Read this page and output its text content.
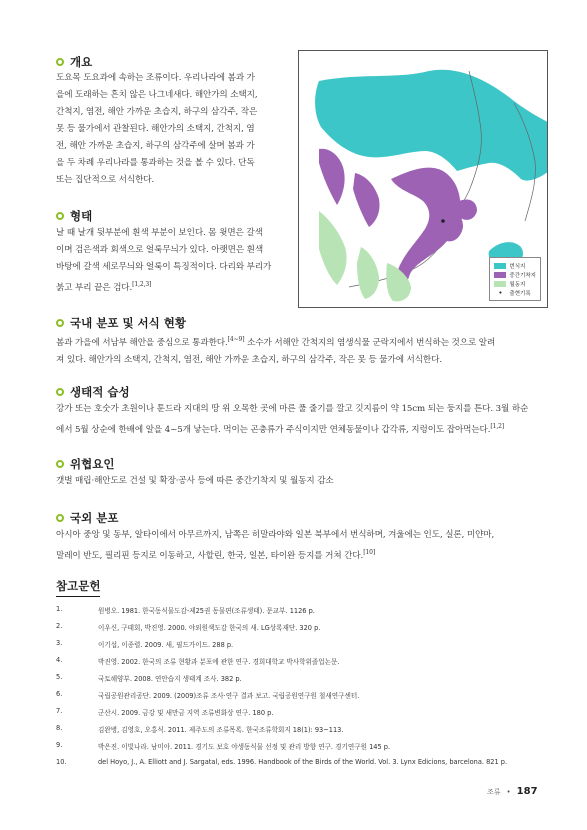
개요
도요목 도요과에 속하는 조류이다. 우리나라에 봄과 가
을에 도래하는 흔치 않은 나그네새다. 해안가의 소택지,
간척지, 염전, 해안 가까운 초습지, 하구의 삼각주, 작은
못 등 물가에서 관찰된다. 해안가의 소택지, 간척지, 염
전, 해안 가까운 초습지, 하구의 삼각주에 살며 봄과 가
을 두 차례 우리나라를 통과하는 것을 볼 수 있다. 단독
또는 집단적으로 서식한다.
형태
날 때 날개 뒷부분에 흰색 부분이 보인다. 몸 윗면은 갈색
이며 검은색과 회색으로 얼룩무늬가 있다. 아랫면은 흰색
바탕에 갈색 세로무늬와 얼룩이 특징적이다. 다리와 부리가
붉고 부리 끝은 검다.[1,2,3]
번식지
중간기착지
월동지
•	출현기록
국내 분포 및 서식 현황
봄과 가을에 서남부 해안을 중심으로 통과한다.[4~9] 소수가 서해안 간척지의 염생식물 군락지에서 번식하는 것으로 알려
져 있다. 해안가의 소택지, 간척지, 염전, 해안 가까운 초습지, 하구의 삼각주, 작은 못 등 물가에 서식한다.
생태적 습성
강가 또는 호숫가 초원이나 툰드라 지대의 땅 위 오목한 곳에 마른 풀 줄기를 깔고 깃지름이 약 15cm 되는 둥지를 튼다. 3월 하순
에서 5월 상순에 한배에 알을 4~5개 낳는다. 먹이는 곤충류가 주식이지만 연체동물이나 갑각류, 지렁이도 잡아먹는다.[1,2]
위협요인
갯벌 매립·해안도로 건설 및 확장·공사 등에 따른 중간기착지 및 월동지 감소
국외 분포
아시아 중앙 및 동부, 알타이에서 아무르까지, 남쪽은 히말라야와 일본 북부에서 번식하며, 겨울에는 인도, 실론, 미얀마,
말레이 반도, 필리핀 등지로 이동하고, 사할린, 한국, 일본, 타이완 등지를 거쳐 간다.[10]
참고문헌
1.	원병오. 1981. 한국동식물도감-제25권 동물편(조류생태). 문교부. 1126 p.
2.	이우신, 구태회, 박진영. 2000. 야외원색도감 한국의 새. LG상록재단. 320 p.
3.	이기섭, 이종렬. 2009. 새, 필드가이드. 288 p.
4.	박진영. 2002. 한국의 조류 현황과 분포에 관한 연구. 경희대학교 박사학위졸업논문.
5.	국토해양부. 2008. 연안습지 생태계 조사. 382 p.
6.	국립공원관리공단. 2009. (2009)조류 조사·연구 결과 보고. 국립공원연구원 철새연구센터.
7.	군산시. 2009. 금강 및 새만금 지역 조류변화상 연구. 180 p.
8.	김완병, 김영호, 오홍식. 2011. 제주도의 조류목록. 한국조류학회지 18(1): 93~113.
9.	박은진. 이빛나라. 남미아. 2011. 경기도 보호 야생동식물 선정 및 관리 방향 연구. 경기연구원 145 p.
10.	del Hoyo, J., A. Elliott and J. Sargatal, eds. 1996. Handbook of the Birds of the World. Vol. 3. Lynx Edicions, barcelona. 821 p.
조류 • 187
